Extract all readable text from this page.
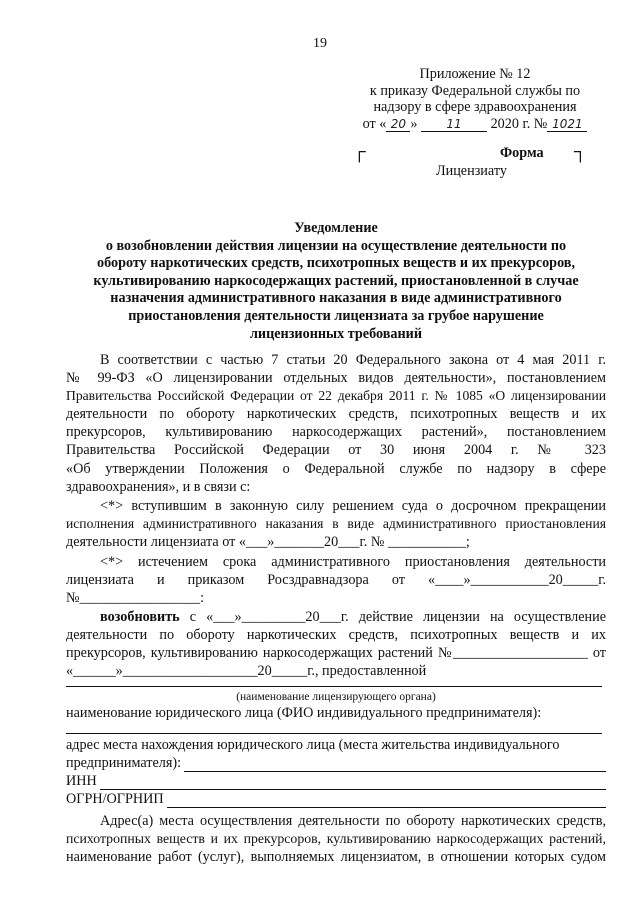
19
Приложение № 12
к приказу Федеральной службы по
надзору в сфере здравоохранения
от « 20 » 11 2020 г. № 1021
┌	Форма ┐
Лицензиату
Уведомление
о возобновлении действия лицензии на осуществление деятельности по
обороту наркотических средств, психотропных веществ и их прекурсоров,
культивированию наркосодержащих растений, приостановленной в случае
назначения административного наказания в виде административного
приостановления деятельности лицензиата за грубое нарушение
лицензионных требований

В соответствии с частью 7 статьи 20 Федерального закона от 4 мая 2011 г.

№ 99-ФЗ «О лицензировании отдельных видов деятельности», постановлением

Правительства Российской Федерации от 22 декабря 2011 г. № 1085 «О лицензировании

деятельности по обороту наркотических средств, психотропных веществ и их

прекурсоров, культивированию наркосодержащих растений», постановлением

Правительства Российской Федерации от 30 июня 2004 г. № 323

«Об утверждении Положения о Федеральной службе по надзору в сфере

здравоохранения», и в связи с:

<*> вступившим в законную силу решением суда о досрочном прекращении

исполнения административного наказания в виде административного приостановления

деятельности лицензиата от «___»_______20___г. № ___________;

<*> истечением срока административного приостановления деятельности

лицензиата и приказом Росздравнадзора от «____»___________20_____г.

№_________________:

возобновить с «___»_________20___г. действие лицензии на осуществление

деятельности по обороту наркотических средств, психотропных веществ и их

прекурсоров, культивированию наркосодержащих растений №___________________ от

«______»___________________20_____г., предоставленной

(наименование лицензирующего органа)
наименование юридического лица (ФИО индивидуального предпринимателя):
адрес места нахождения юридического лица (места жительства индивидуального
предпринимателя):
ИНН
ОГРН/ОГРНИП

Адрес(а) места осуществления деятельности по обороту наркотических средств,

психотропных веществ и их прекурсоров, культивированию наркосодержащих растений,

наименование работ (услуг), выполняемых лицензиатом, в отношении которых судом
